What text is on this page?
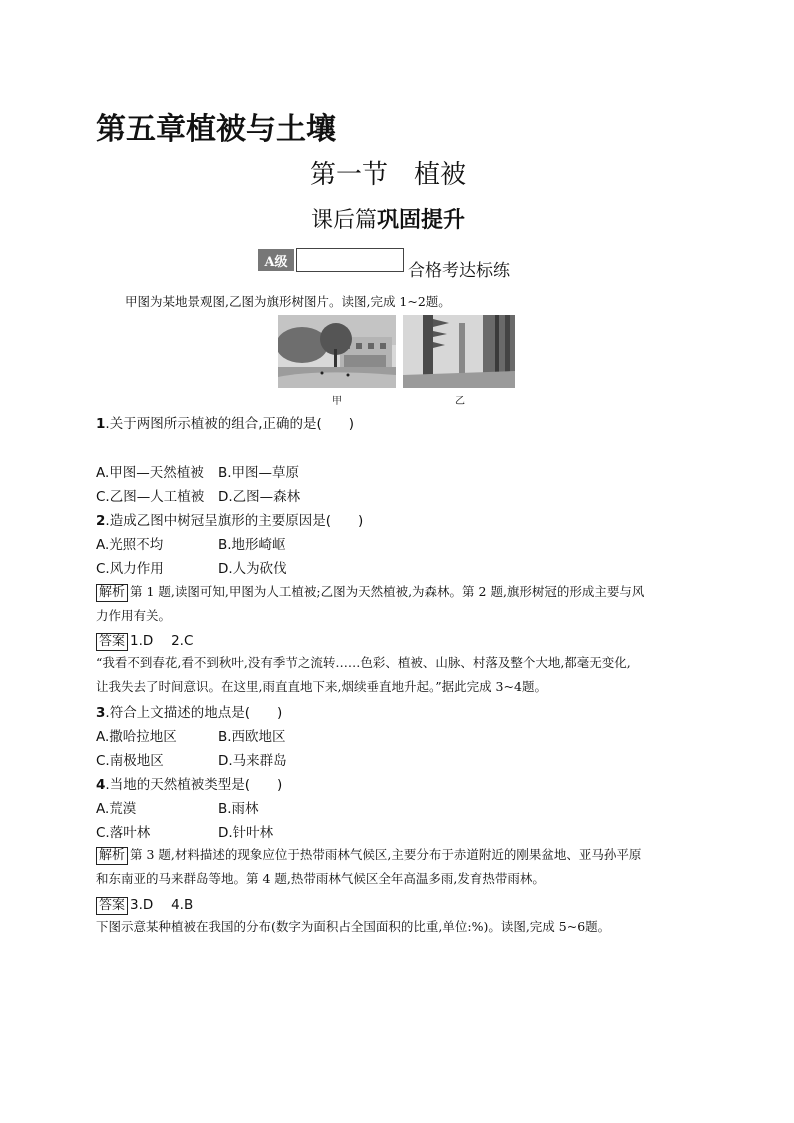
第五章植被与土壤
第一节　植被
课后篇巩固提升
A级	合格考达标练
甲图为某地景观图,乙图为旗形树图片。读图,完成 1~2题。
甲	乙
1.关于两图所示植被的组合,正确的是(　　)
A.甲图—天然植被 B.甲图—草原
C.乙图—人工植被 D.乙图—森林
2.造成乙图中树冠呈旗形的主要原因是(　　)
A.光照不均	B.地形崎岖
C.风力作用	D.人为砍伐
解析 第 1 题,读图可知,甲图为人工植被;乙图为天然植被,为森林。第 2 题,旗形树冠的形成主要与风
力作用有关。
答案 1.D　 2.C
“我看不到春花,看不到秋叶,没有季节之流转……色彩、植被、山脉、村落及整个大地,都毫无变化,
让我失去了时间意识。在这里,雨直直地下来,烟续垂直地升起。”据此完成 3~4题。
3.符合上文描述的地点是(　　)
A.撒哈拉地区	B.西欧地区
C.南极地区	D.马来群岛
4.当地的天然植被类型是(　　)
A.荒漠	B.雨林
C.落叶林	D.针叶林
解析 第 3 题,材料描述的现象应位于热带雨林气候区,主要分布于赤道附近的刚果盆地、亚马孙平原
和东南亚的马来群岛等地。第 4 题,热带雨林气候区全年高温多雨,发育热带雨林。
答案 3.D　 4.B
下图示意某种植被在我国的分布(数字为面积占全国面积的比重,单位:%)。读图,完成 5~6题。
